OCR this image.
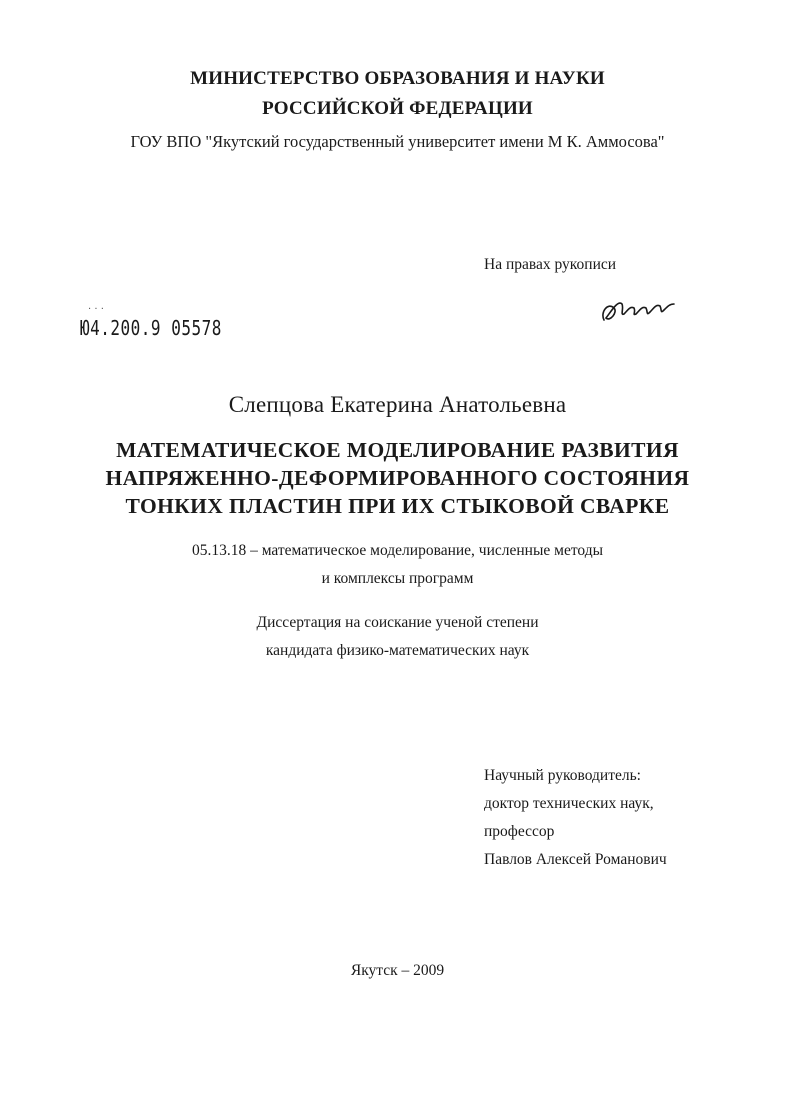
МИНИСТЕРСТВО ОБРАЗОВАНИЯ И НАУКИ
РОССИЙСКОЙ ФЕДЕРАЦИИ
ГОУ ВПО "Якутский государственный университет имени М К. Аммосова"
На правах рукописи
· · ·
Ю4.200.9 05578
Слепцова Екатерина Анатольевна
МАТЕМАТИЧЕСКОЕ МОДЕЛИРОВАНИЕ РАЗВИТИЯ
НАПРЯЖЕННО-ДЕФОРМИРОВАННОГО СОСТОЯНИЯ
ТОНКИХ ПЛАСТИН ПРИ ИХ СТЫКОВОЙ СВАРКЕ
05.13.18 – математическое моделирование, численные методы
и комплексы программ
Диссертация на соискание ученой степени
кандидата физико-математических наук
Научный руководитель:
доктор технических наук,
профессор
Павлов Алексей Романович
Якутск – 2009
